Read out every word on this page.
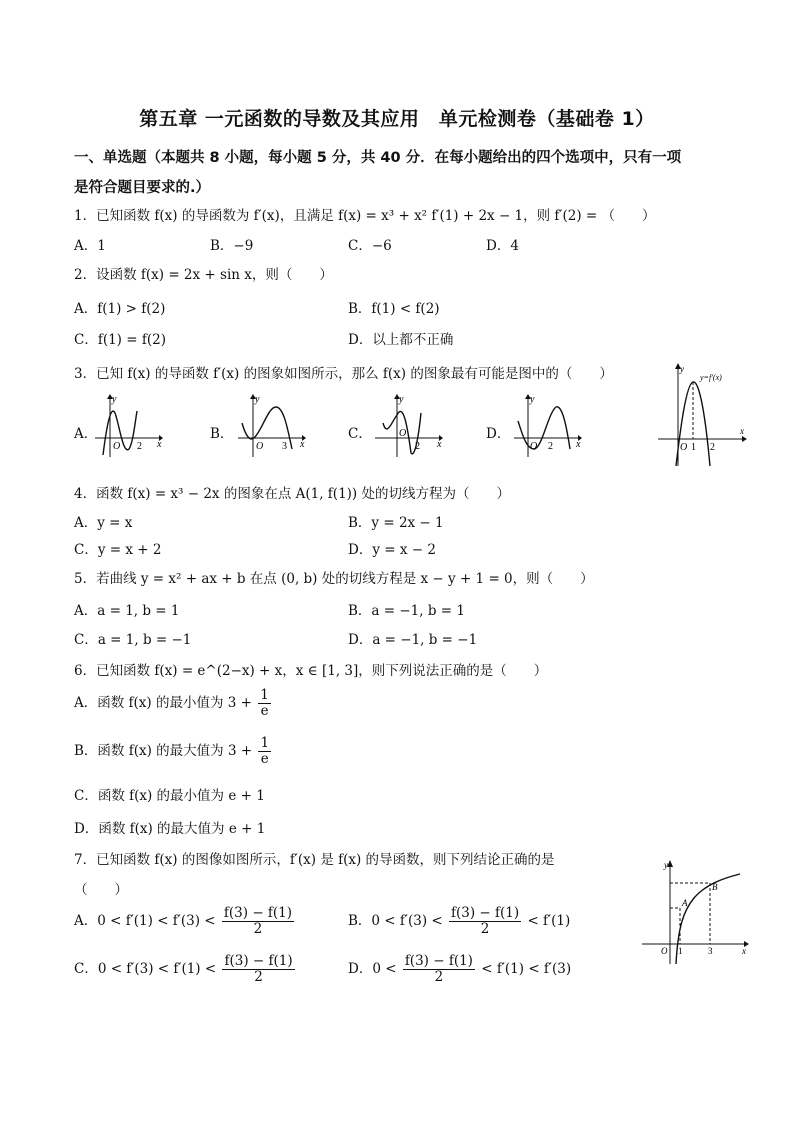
第五章 一元函数的导数及其应用　单元检测卷（基础卷 1）
一、单选题（本题共 8 小题，每小题 5 分，共 40 分．在每小题给出的四个选项中，只有一项
是符合题目要求的.）
1．已知函数 f(x) 的导函数为 f′(x)，且满足 f(x) = x³ + x² f′(1) + 2x − 1，则 f′(2) = （　　）
A．1	B．−9	C．−6	D．4
2．设函数 f(x) = 2x + sin x，则（　　）
A．f(1) > f(2)	B．f(1) < f(2)
C．f(1) = f(2)	D．以上都不正确
3．已知 f(x) 的导函数 f′(x) 的图象如图所示，那么 f(x) 的图象最有可能是图中的（　　）
A．	B．	C．	D．
y
x
O 2
y
x
O 3
y
x
O
2
y
x
O 2
y
x
O 1 2
y=f′(x)
4．函数 f(x) = x³ − 2x 的图象在点 A(1, f(1)) 处的切线方程为（　　）
A．y = x	B．y = 2x − 1
C．y = x + 2	D．y = x − 2
5．若曲线 y = x² + ax + b 在点 (0, b) 处的切线方程是 x − y + 1 = 0，则（　　）
A．a = 1, b = 1	B．a = −1, b = 1
C．a = 1, b = −1	D．a = −1, b = −1
6．已知函数 f(x) = e^(2−x) + x，x ∈ [1, 3]，则下列说法正确的是（　　）
A．函数 f(x) 的最小值为 $3 + \frac{1}{e}$
B．函数 f(x) 的最大值为 $3 + \frac{1}{e}$
C．函数 f(x) 的最小值为 e + 1
D．函数 f(x) 的最大值为 e + 1
7．已知函数 f(x) 的图像如图所示，f′(x) 是 f(x) 的导函数，则下列结论正确的是
（　　）
A．$0 < f'(1) < f'(3) < \frac{f(3) - f(1)}{2}$	B．$0 < f'(3) < \frac{f(3) - f(1)}{2} < f'(1)$
C．$0 < f'(3) < f'(1) < \frac{f(3) - f(1)}{2}$	D．$0 < \frac{f(3) - f(1)}{2} < f'(1) < f'(3)$
y
x
O 1	3
A
B
